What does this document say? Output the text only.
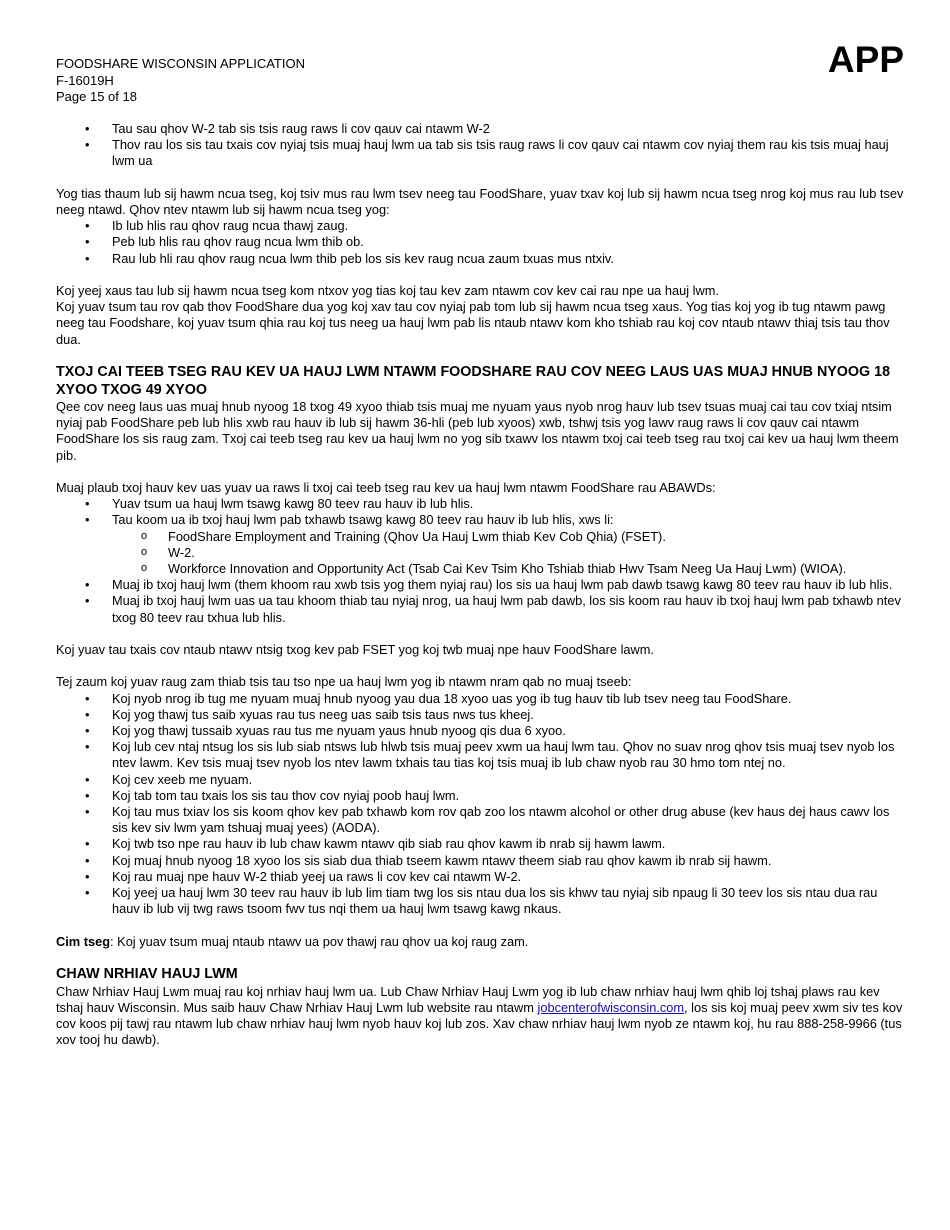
FOODSHARE WISCONSIN APPLICATION
F-16019H
Page 15 of 18
APP
• Tau sau qhov W-2 tab sis tsis raug raws li cov qauv cai ntawm W-2
• Thov rau los sis tau txais cov nyiaj tsis muaj hauj lwm ua tab sis tsis raug raws li cov qauv cai ntawm cov nyiaj them rau kis tsis muaj hauj lwm ua

Yog tias thaum lub sij hawm ncua tseg, koj tsiv mus rau lwm tsev neeg tau FoodShare, yuav txav koj lub sij hawm ncua tseg nrog koj mus rau lub tsev neeg ntawd. Qhov ntev ntawm lub sij hawm ncua tseg yog:

• Ib lub hlis rau qhov raug ncua thawj zaug.
• Peb lub hlis rau qhov raug ncua lwm thib ob.
• Rau lub hli rau qhov raug ncua lwm thib peb los sis kev raug ncua zaum txuas mus ntxiv.

Koj yeej xaus tau lub sij hawm ncua tseg kom ntxov yog tias koj tau kev zam ntawm cov kev cai rau npe ua hauj lwm.

Koj yuav tsum tau rov qab thov FoodShare dua yog koj xav tau cov nyiaj pab tom lub sij hawm ncua tseg xaus. Yog tias koj yog ib tug ntawm pawg neeg tau Foodshare, koj yuav tsum qhia rau koj tus neeg ua hauj lwm pab lis ntaub ntawv kom kho tshiab rau koj cov ntaub ntawv thiaj tsis tau thov dua.

TXOJ CAI TEEB TSEG RAU KEV UA HAUJ LWM NTAWM FOODSHARE RAU COV NEEG LAUS UAS MUAJ HNUB NYOOG 18 XYOO TXOG 49 XYOO

Qee cov neeg laus uas muaj hnub nyoog 18 txog 49 xyoo thiab tsis muaj me nyuam yaus nyob nrog hauv lub tsev tsuas muaj cai tau cov txiaj ntsim nyiaj pab FoodShare peb lub hlis xwb rau hauv ib lub sij hawm 36-hli (peb lub xyoos) xwb, tshwj tsis yog lawv raug raws li cov qauv cai ntawm FoodShare los sis raug zam. Txoj cai teeb tseg rau kev ua hauj lwm no yog sib txawv los ntawm txoj cai teeb tseg rau txoj cai kev ua hauj lwm theem pib.

Muaj plaub txoj hauv kev uas yuav ua raws li txoj cai teeb tseg rau kev ua hauj lwm ntawm FoodShare rau ABAWDs:

• Yuav tsum ua hauj lwm tsawg kawg 80 teev rau hauv ib lub hlis.
• Tau koom ua ib txoj hauj lwm pab txhawb tsawg kawg 80 teev rau hauv ib lub hlis, xws li:
o FoodShare Employment and Training (Qhov Ua Hauj Lwm thiab Kev Cob Qhia) (FSET).
o W-2.
o Workforce Innovation and Opportunity Act (Tsab Cai Kev Tsim Kho Tshiab thiab Hwv Tsam Neeg Ua Hauj Lwm) (WIOA).
• Muaj ib txoj hauj lwm (them khoom rau xwb tsis yog them nyiaj rau) los sis ua hauj lwm pab dawb tsawg kawg 80 teev rau hauv ib lub hlis.
• Muaj ib txoj hauj lwm uas ua tau khoom thiab tau nyiaj nrog, ua hauj lwm pab dawb, los sis koom rau hauv ib txoj hauj lwm pab txhawb ntev txog 80 teev rau txhua lub hlis.

Koj yuav tau txais cov ntaub ntawv ntsig txog kev pab FSET yog koj twb muaj npe hauv FoodShare lawm.

Tej zaum koj yuav raug zam thiab tsis tau tso npe ua hauj lwm yog ib ntawm nram qab no muaj tseeb:

• Koj nyob nrog ib tug me nyuam muaj hnub nyoog yau dua 18 xyoo uas yog ib tug hauv tib lub tsev neeg tau FoodShare.
• Koj yog thawj tus saib xyuas rau tus neeg uas saib tsis taus nws tus kheej.
• Koj yog thawj tussaib xyuas rau tus me nyuam yaus hnub nyoog qis dua 6 xyoo.
• Koj lub cev ntaj ntsug los sis lub siab ntsws lub hlwb tsis muaj peev xwm ua hauj lwm tau. Qhov no suav nrog qhov tsis muaj tsev nyob los ntev lawm. Kev tsis muaj tsev nyob los ntev lawm txhais tau tias koj tsis muaj ib lub chaw nyob rau 30 hmo tom ntej no.
• Koj cev xeeb me nyuam.
• Koj tab tom tau txais los sis tau thov cov nyiaj poob hauj lwm.
• Koj tau mus txiav los sis koom qhov kev pab txhawb kom rov qab zoo los ntawm alcohol or other drug abuse (kev haus dej haus cawv los sis kev siv lwm yam tshuaj muaj yees) (AODA).
• Koj twb tso npe rau hauv ib lub chaw kawm ntawv qib siab rau qhov kawm ib nrab sij hawm lawm.
• Koj muaj hnub nyoog 18 xyoo los sis siab dua thiab tseem kawm ntawv theem siab rau qhov kawm ib nrab sij hawm.
• Koj rau muaj npe hauv W-2 thiab yeej ua raws li cov kev cai ntawm W-2.
• Koj yeej ua hauj lwm 30 teev rau hauv ib lub lim tiam twg los sis ntau dua los sis khwv tau nyiaj sib npaug li 30 teev los sis ntau dua rau hauv ib lub vij twg raws tsoom fwv tus nqi them ua hauj lwm tsawg kawg nkaus.

Cim tseg: Koj yuav tsum muaj ntaub ntawv ua pov thawj rau qhov ua koj raug zam.

CHAW NRHIAV HAUJ LWM

Chaw Nrhiav Hauj Lwm muaj rau koj nrhiav hauj lwm ua. Lub Chaw Nrhiav Hauj Lwm yog ib lub chaw nrhiav hauj lwm qhib loj tshaj plaws rau kev tshaj hauv Wisconsin. Mus saib hauv Chaw Nrhiav Hauj Lwm lub website rau ntawm jobcenterofwisconsin.com, los sis koj muaj peev xwm siv tes kov cov koos pij tawj rau ntawm lub chaw nrhiav hauj lwm nyob hauv koj lub zos. Xav chaw nrhiav hauj lwm nyob ze ntawm koj, hu rau 888-258-9966 (tus xov tooj hu dawb).
